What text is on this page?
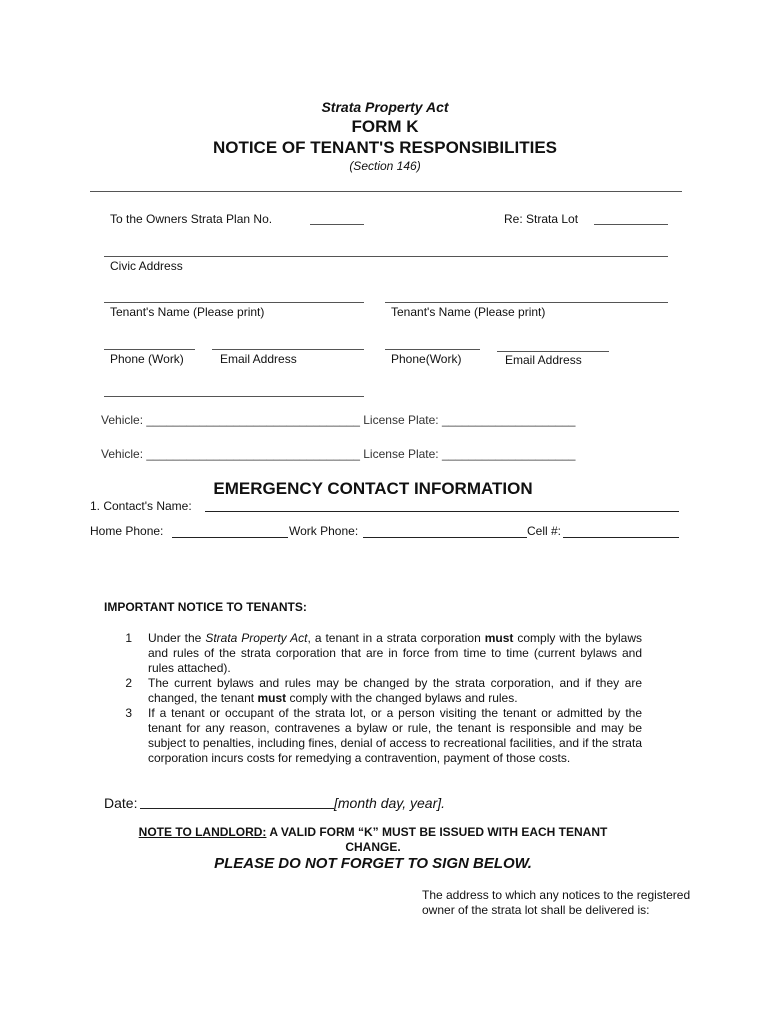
Strata Property Act
FORM K
NOTICE OF TENANT'S RESPONSIBILITIES
(Section 146)
To the Owners Strata Plan No.	Re: Strata Lot
Civic Address
Tenant's Name (Please print)	Tenant's Name (Please print)
Phone (Work)	Email Address	Phone(Work)	Email Address
Vehicle: ________________________________ License Plate: ____________________
Vehicle: ________________________________ License Plate: ____________________
EMERGENCY CONTACT INFORMATION
1. Contact's Name:
Home Phone:	Work Phone:	Cell #:
IMPORTANT NOTICE TO TENANTS:
1 Under the Strata Property Act, a tenant in a strata corporation must comply with the bylaws and rules of the strata corporation that are in force from time to time (current bylaws and rules attached).
2 The current bylaws and rules may be changed by the strata corporation, and if they are changed, the tenant must comply with the changed bylaws and rules.
3 If a tenant or occupant of the strata lot, or a person visiting the tenant or admitted by the tenant for any reason, contravenes a bylaw or rule, the tenant is responsible and may be subject to penalties, including fines, denial of access to recreational facilities, and if the strata corporation incurs costs for remedying a contravention, payment of those costs.
Date:	[month day, year].
NOTE TO LANDLORD: A VALID FORM “K” MUST BE ISSUED WITH EACH TENANT CHANGE.
PLEASE DO NOT FORGET TO SIGN BELOW.
The address to which any notices to the registered owner of the strata lot shall be delivered is:
